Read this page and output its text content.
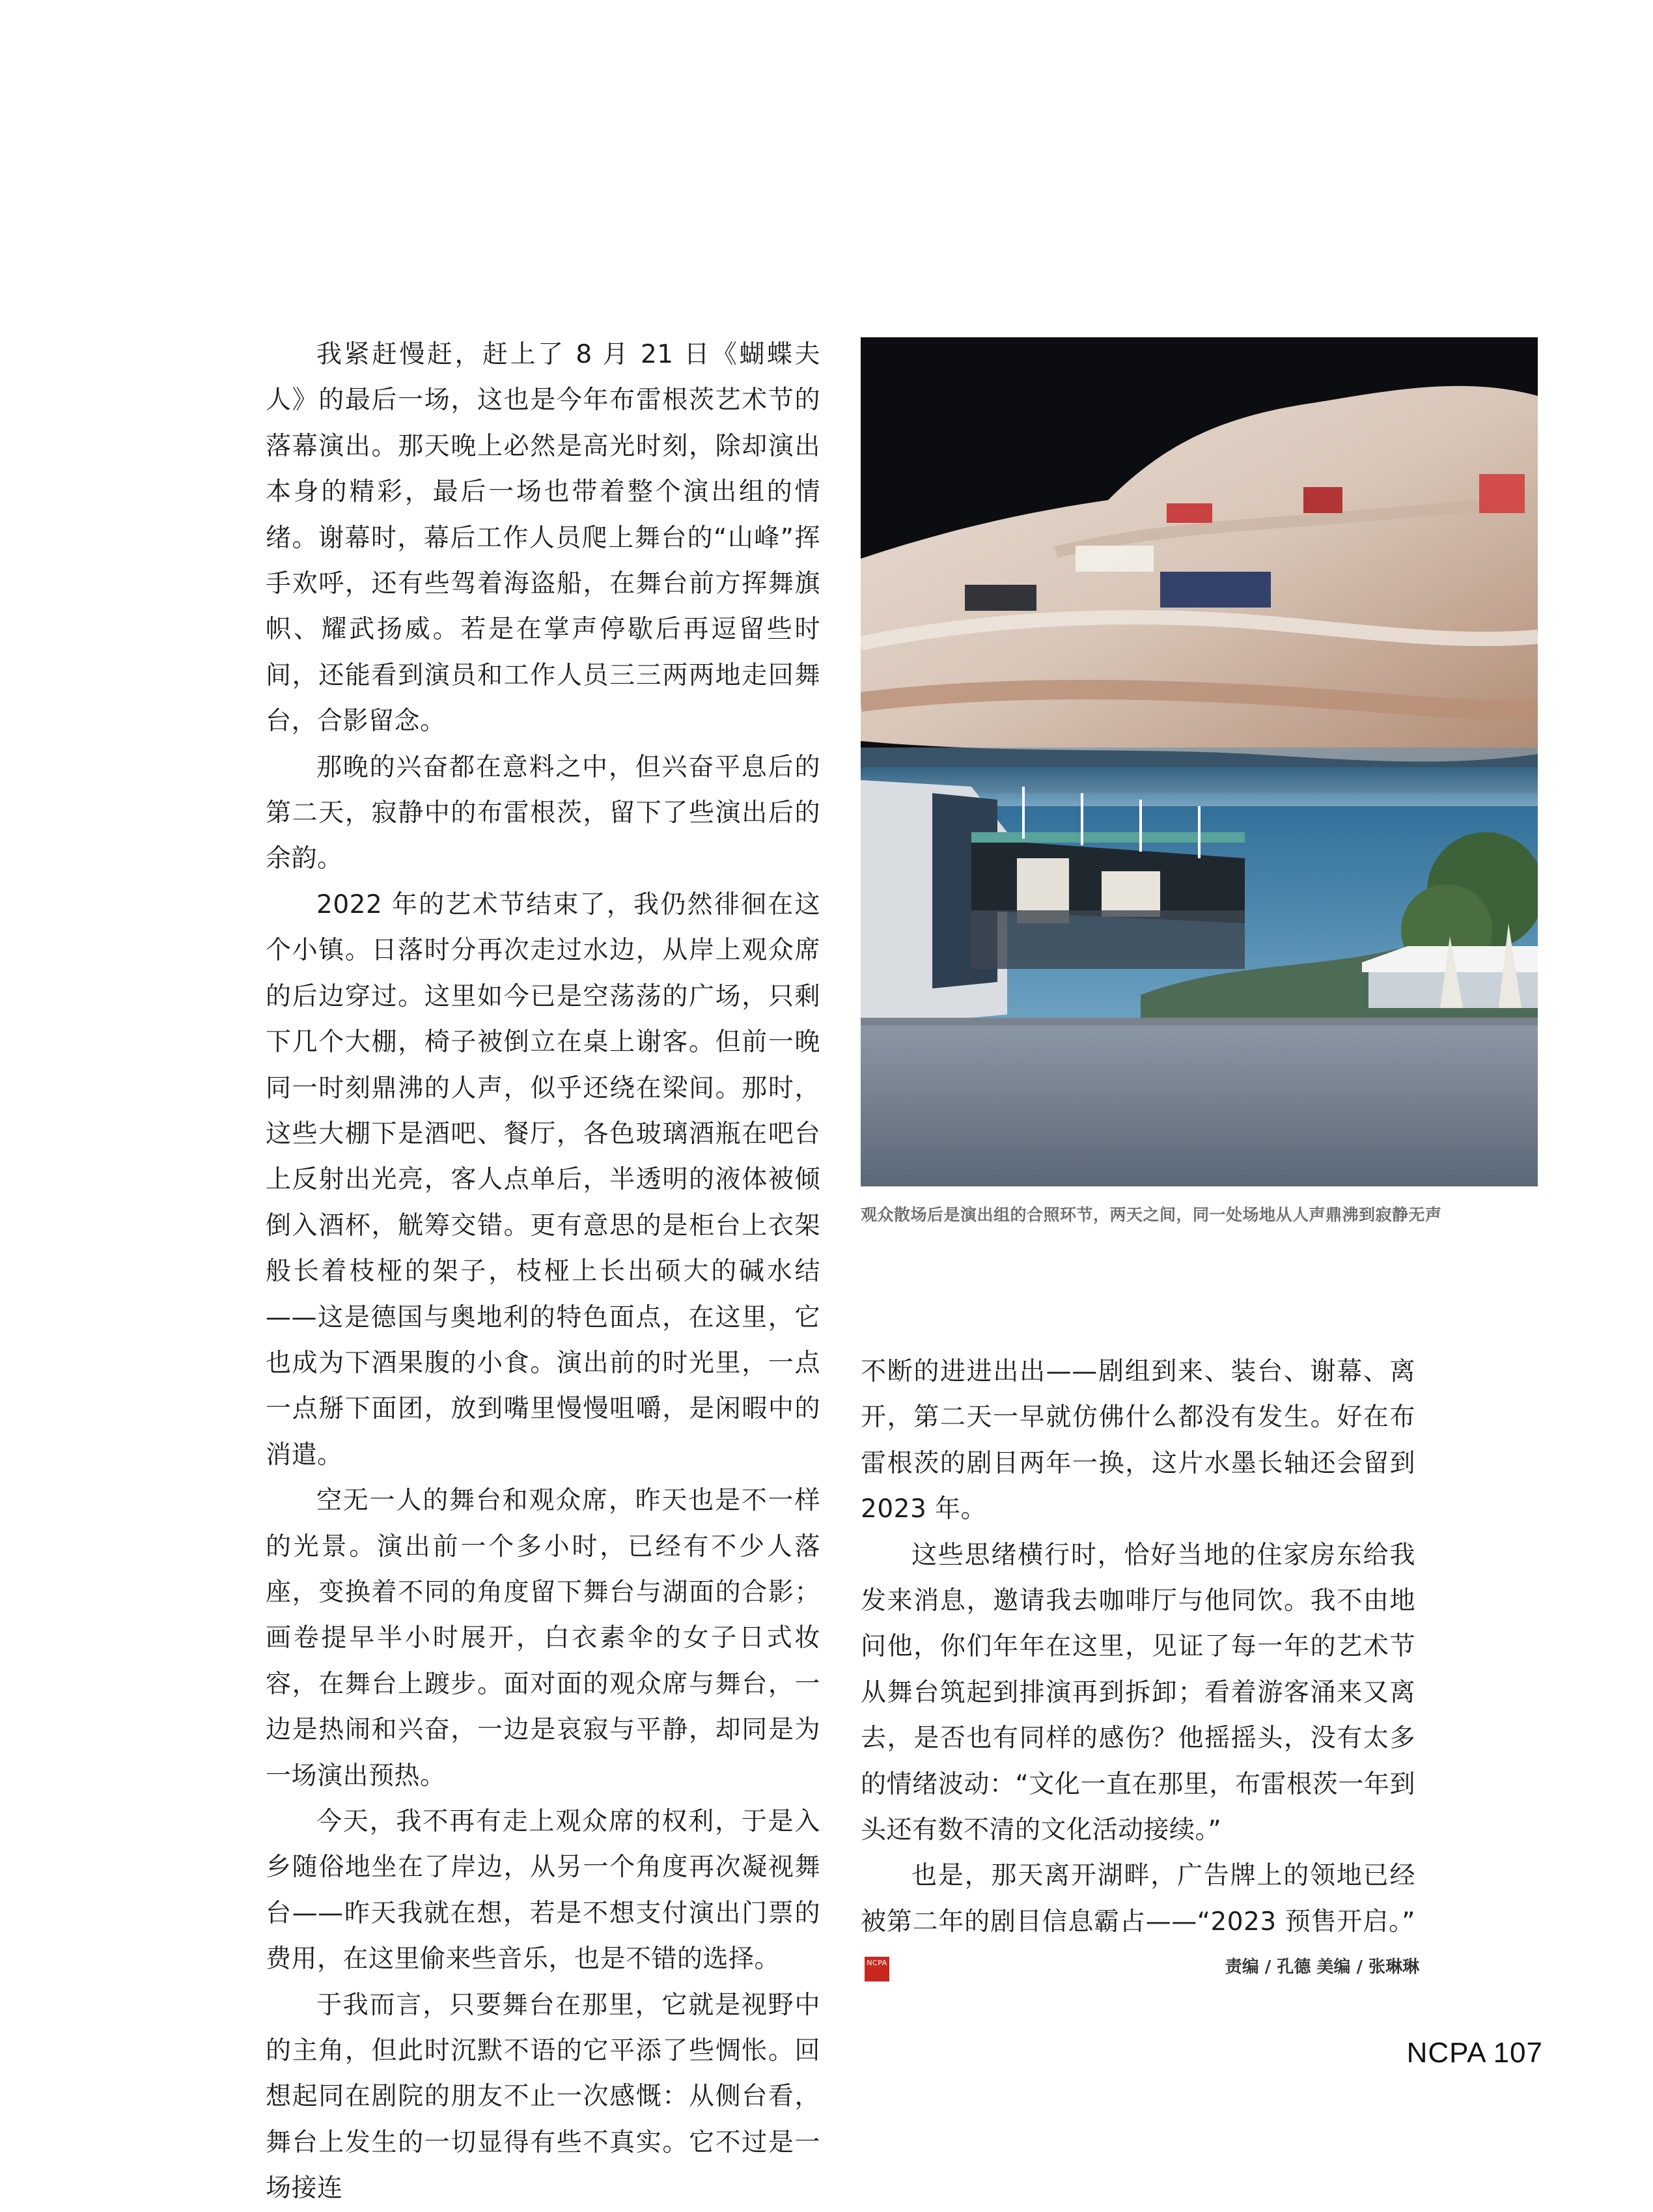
我紧赶慢赶，赶上了 8 月 21 日《蝴蝶夫人》的最后一场，这也是今年布雷根茨艺术节的落幕演出。那天晚上必然是高光时刻，除却演出本身的精彩，最后一场也带着整个演出组的情绪。谢幕时，幕后工作人员爬上舞台的“山峰”挥手欢呼，还有些驾着海盗船，在舞台前方挥舞旗帜、耀武扬威。若是在掌声停歇后再逗留些时间，还能看到演员和工作人员三三两两地走回舞台，合影留念。

那晚的兴奋都在意料之中，但兴奋平息后的第二天，寂静中的布雷根茨，留下了些演出后的余韵。

2022 年的艺术节结束了，我仍然徘徊在这个小镇。日落时分再次走过水边，从岸上观众席的后边穿过。这里如今已是空荡荡的广场，只剩下几个大棚，椅子被倒立在桌上谢客。但前一晚同一时刻鼎沸的人声，似乎还绕在梁间。那时，这些大棚下是酒吧、餐厅，各色玻璃酒瓶在吧台上反射出光亮，客人点单后，半透明的液体被倾倒入酒杯，觥筹交错。更有意思的是柜台上衣架般长着枝桠的架子，枝桠上长出硕大的碱水结——这是德国与奥地利的特色面点，在这里，它也成为下酒果腹的小食。演出前的时光里，一点一点掰下面团，放到嘴里慢慢咀嚼，是闲暇中的消遣。

空无一人的舞台和观众席，昨天也是不一样的光景。演出前一个多小时，已经有不少人落座，变换着不同的角度留下舞台与湖面的合影；画卷提早半小时展开，白衣素伞的女子日式妆容，在舞台上踱步。面对面的观众席与舞台，一边是热闹和兴奋，一边是哀寂与平静，却同是为一场演出预热。

今天，我不再有走上观众席的权利，于是入乡随俗地坐在了岸边，从另一个角度再次凝视舞台——昨天我就在想，若是不想支付演出门票的费用，在这里偷来些音乐，也是不错的选择。

于我而言，只要舞台在那里，它就是视野中的主角，但此时沉默不语的它平添了些惆怅。回想起同在剧院的朋友不止一次感慨：从侧台看，舞台上发生的一切显得有些不真实。它不过是一场接连

观众散场后是演出组的合照环节，两天之间，同一处场地从人声鼎沸到寂静无声

不断的进进出出——剧组到来、装台、谢幕、离开，第二天一早就仿佛什么都没有发生。好在布雷根茨的剧目两年一换，这片水墨长轴还会留到 2023 年。

这些思绪横行时，恰好当地的住家房东给我发来消息，邀请我去咖啡厅与他同饮。我不由地问他，你们年年在这里，见证了每一年的艺术节从舞台筑起到排演再到拆卸；看着游客涌来又离去，是否也有同样的感伤？他摇摇头，没有太多的情绪波动：“文化一直在那里，布雷根茨一年到头还有数不清的文化活动接续。”

也是，那天离开湖畔，广告牌上的领地已经被第二年的剧目信息霸占——“2023 预售开启。”NCPA	责编 / 孔德 美编 / 张琳琳
NCPA 107
